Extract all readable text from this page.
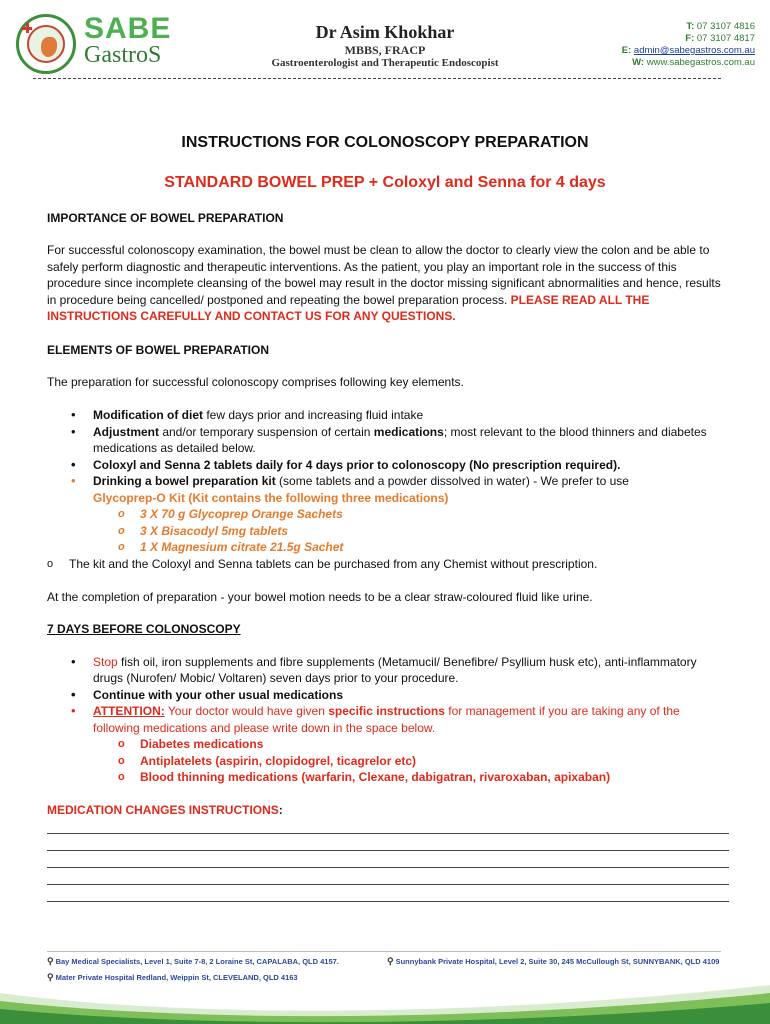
SABE
GastroS
Dr Asim Khokhar
MBBS, FRACP
Gastroenterologist and Therapeutic Endoscopist
T: 07 3107 4816
F: 07 3107 4817
E: admin@sabegastros.com.au
W: www.sabegastros.com.au
INSTRUCTIONS FOR COLONOSCOPY PREPARATION
STANDARD BOWEL PREP + Coloxyl and Senna for 4 days
IMPORTANCE OF BOWEL PREPARATION

For successful colonoscopy examination, the bowel must be clean to allow the doctor to clearly view the colon and be able to safely perform diagnostic and therapeutic interventions. As the patient, you play an important role in the success of this procedure since incomplete cleansing of the bowel may result in the doctor missing significant abnormalities and hence, results in procedure being cancelled/ postponed and repeating the bowel preparation process. PLEASE READ ALL THE INSTRUCTIONS CAREFULLY AND CONTACT US FOR ANY QUESTIONS.

ELEMENTS OF BOWEL PREPARATION

The preparation for successful colonoscopy comprises following key elements.

• Modification of diet few days prior and increasing fluid intake
• Adjustment and/or temporary suspension of certain medications; most relevant to the blood thinners and diabetes medications as detailed below.
• Coloxyl and Senna 2 tablets daily for 4 days prior to colonoscopy (No prescription required).
• Drinking a bowel preparation kit (some tablets and a powder dissolved in water) - We prefer to use
Glycoprep-O Kit (Kit contains the following three medications)
o 3 X 70 g Glycoprep Orange Sachets
o 3 X Bisacodyl 5mg tablets
o 1 X Magnesium citrate 21.5g Sachet
o The kit and the Coloxyl and Senna tablets can be purchased from any Chemist without prescription.

At the completion of preparation - your bowel motion needs to be a clear straw-coloured fluid like urine.

7 DAYS BEFORE COLONOSCOPY
• Stop fish oil, iron supplements and fibre supplements (Metamucil/ Benefibre/ Psyllium husk etc), anti-inflammatory drugs (Nurofen/ Mobic/ Voltaren) seven days prior to your procedure.
• Continue with your other usual medications
• ATTENTION: Your doctor would have given specific instructions for management if you are taking any of the following medications and please write down in the space below.
o Diabetes medications
o Antiplatelets (aspirin, clopidogrel, ticagrelor etc)
o Blood thinning medications (warfarin, Clexane, dabigatran, rivaroxaban, apixaban)
MEDICATION CHANGES INSTRUCTIONS:
⚲ Bay Medical Specialists, Level 1, Suite 7-8, 2 Loraine St, CAPALABA, QLD 4157.	⚲ Sunnybank Private Hospital, Level 2, Suite 30, 245 McCullough St, SUNNYBANK, QLD 4109
⚲ Mater Private Hospital Redland, Weippin St, CLEVELAND, QLD 4163
